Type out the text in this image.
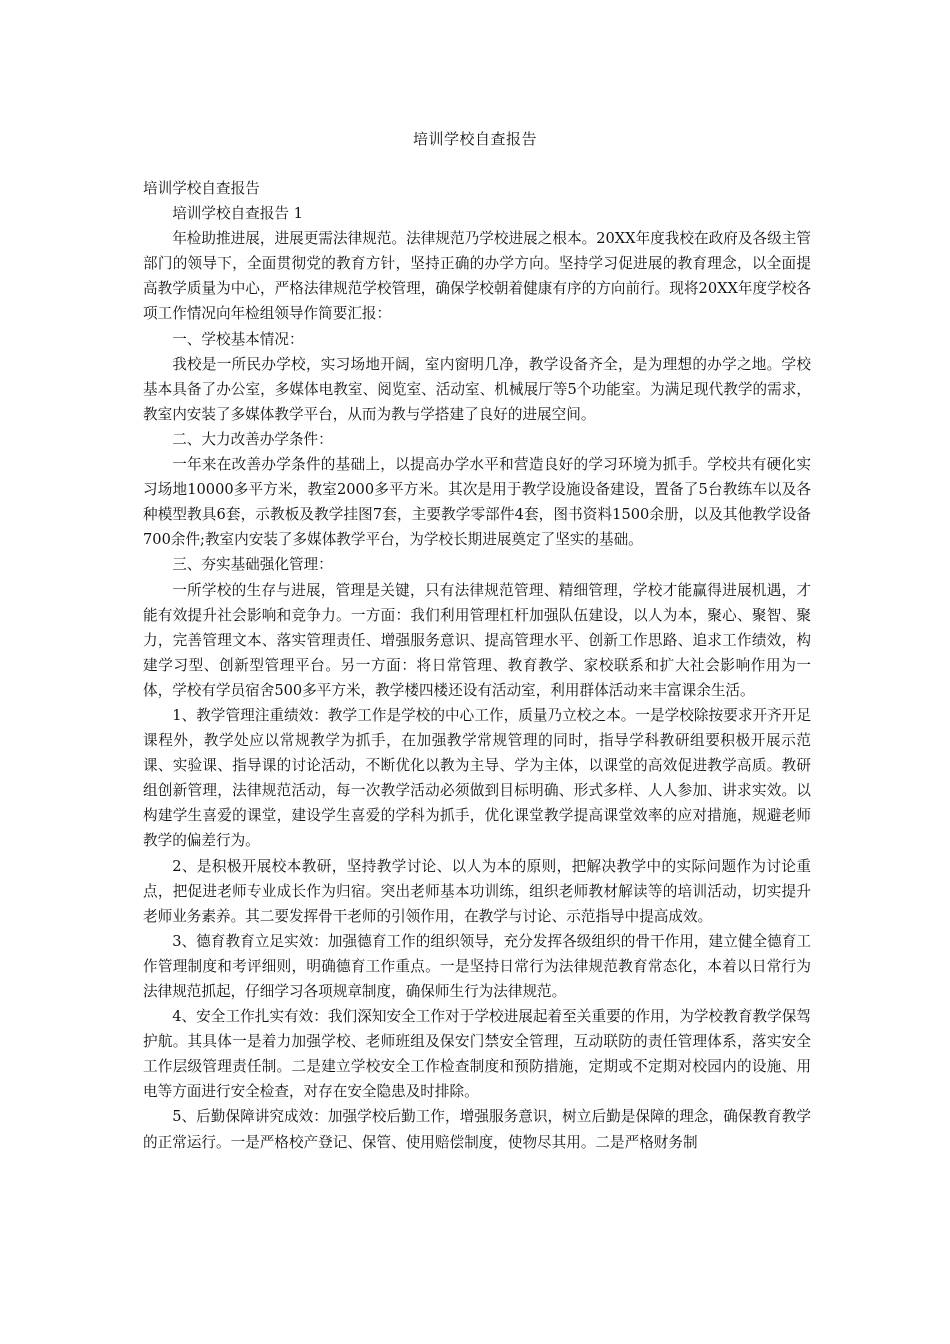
培训学校自查报告

培训学校自查报告

培训学校自查报告 1

年检助推进展，进展更需法律规范。法律规范乃学校进展之根本。20XX年度我校在政府及各级主管部门的领导下，全面贯彻党的教育方针，坚持正确的办学方向。坚持学习促进展的教育理念，以全面提高教学质量为中心，严格法律规范学校管理，确保学校朝着健康有序的方向前行。现将20XX年度学校各项工作情况向年检组领导作简要汇报：

一、学校基本情况：

我校是一所民办学校，实习场地开阔，室内窗明几净，教学设备齐全，是为理想的办学之地。学校基本具备了办公室，多媒体电教室、阅览室、活动室、机械展厅等5个功能室。为满足现代教学的需求，教室内安装了多媒体教学平台，从而为教与学搭建了良好的进展空间。

二、大力改善办学条件：

一年来在改善办学条件的基础上，以提高办学水平和营造良好的学习环境为抓手。学校共有硬化实习场地10000多平方米，教室2000多平方米。其次是用于教学设施设备建设，置备了5台教练车以及各种模型教具6套，示教板及教学挂图7套，主要教学零部件4套，图书资料1500余册，以及其他教学设备700余件;教室内安装了多媒体教学平台，为学校长期进展奠定了坚实的基础。

三、夯实基础强化管理：

一所学校的生存与进展，管理是关键，只有法律规范管理、精细管理，学校才能赢得进展机遇，才能有效提升社会影响和竞争力。一方面：我们利用管理杠杆加强队伍建设，以人为本，聚心、聚智、聚力，完善管理文本、落实管理责任、增强服务意识、提高管理水平、创新工作思路、追求工作绩效，构建学习型、创新型管理平台。另一方面：将日常管理、教育教学、家校联系和扩大社会影响作用为一体，学校有学员宿舍500多平方米，教学楼四楼还设有活动室，利用群体活动来丰富课余生活。

1、教学管理注重绩效：教学工作是学校的中心工作，质量乃立校之本。一是学校除按要求开齐开足课程外，教学处应以常规教学为抓手，在加强教学常规管理的同时，指导学科教研组要积极开展示范课、实验课、指导课的讨论活动，不断优化以教为主导、学为主体，以课堂的高效促进教学高质。教研组创新管理，法律规范活动，每一次教学活动必须做到目标明确、形式多样、人人参加、讲求实效。以构建学生喜爱的课堂，建设学生喜爱的学科为抓手，优化课堂教学提高课堂效率的应对措施，规避老师教学的偏差行为。

2、是积极开展校本教研，坚持教学讨论、以人为本的原则，把解决教学中的实际问题作为讨论重点，把促进老师专业成长作为归宿。突出老师基本功训练，组织老师教材解读等的培训活动，切实提升老师业务素养。其二要发挥骨干老师的引领作用，在教学与讨论、示范指导中提高成效。

3、德育教育立足实效：加强德育工作的组织领导，充分发挥各级组织的骨干作用，建立健全德育工作管理制度和考评细则，明确德育工作重点。一是坚持日常行为法律规范教育常态化，本着以日常行为法律规范抓起，仔细学习各项规章制度，确保师生行为法律规范。

4、安全工作扎实有效：我们深知安全工作对于学校进展起着至关重要的作用，为学校教育教学保驾护航。其具体一是着力加强学校、老师班组及保安门禁安全管理，互动联防的责任管理体系，落实安全工作层级管理责任制。二是建立学校安全工作检查制度和预防措施，定期或不定期对校园内的设施、用电等方面进行安全检查，对存在安全隐患及时排除。

5、后勤保障讲究成效：加强学校后勤工作，增强服务意识，树立后勤是保障的理念，确保教育教学的正常运行。一是严格校产登记、保管、使用赔偿制度，使物尽其用。二是严格财务制
